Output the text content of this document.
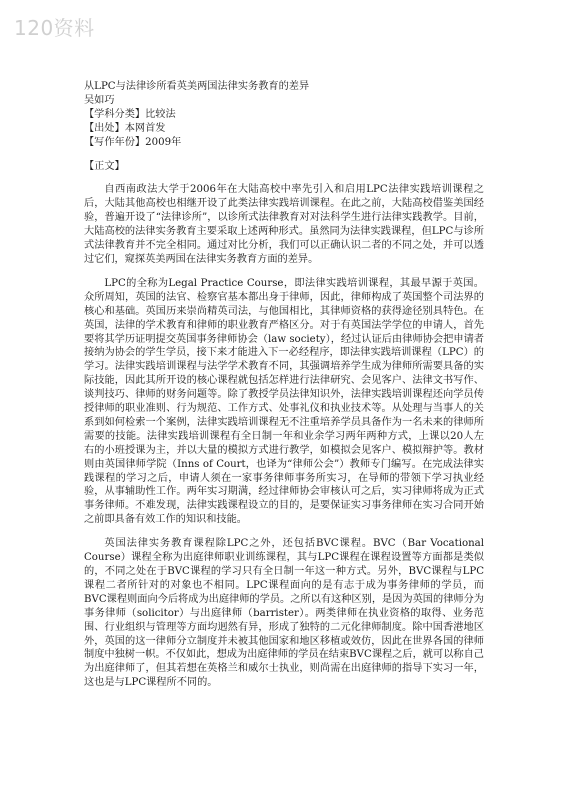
120资料
从LPC与法律诊所看英美两国法律实务教育的差异
吴如巧
【学科分类】比较法
【出处】本网首发
【写作年份】2009年
【正文】

自西南政法大学于2006年在大陆高校中率先引入和启用LPC法律实践培训课程之后，大陆其他高校也相继开设了此类法律实践培训课程。在此之前，大陆高校借鉴美国经验，普遍开设了“法律诊所”，以诊所式法律教育对对法科学生进行法律实践教学。目前，大陆高校的法律实务教育主要采取上述两种形式。虽然同为法律实践课程，但LPC与诊所式法律教育并不完全相同。通过对比分析，我们可以正确认识二者的不同之处，并可以透过它们，窥探英美两国在法律实务教育方面的差异。

LPC的全称为Legal Practice Course，即法律实践培训课程，其最早源于英国。众所周知，英国的法官、检察官基本都出身于律师，因此，律师构成了英国整个司法界的核心和基础。英国历来崇尚精英司法，与他国相比，其律师资格的获得途径别具特色。在英国，法律的学术教育和律师的职业教育严格区分。对于有英国法学学位的申请人，首先要将其学历证明提交英国事务律师协会（law society），经过认证后由律师协会把申请者接纳为协会的学生学员，接下来才能进入下一必经程序，即法律实践培训课程（LPC）的学习。法律实践培训课程与法学学术教育不同，其强调培养学生成为律师所需要具备的实际技能，因此其所开设的核心课程就包括怎样进行法律研究、会见客户、法律文书写作、谈判技巧、律师的财务问题等。除了教授学员法律知识外，法律实践培训课程还向学员传授律师的职业准则、行为规范、工作方式、处事礼仪和执业技术等。从处理与当事人的关系到如何检索一个案例，法律实践培训课程无不注重培养学员具备作为一名未来的律师所需要的技能。法律实践培训课程有全日制一年和业余学习两年两种方式，上课以20人左右的小班授课为主，并以大量的模拟方式进行教学，如模拟会见客户、模拟辩护等。教材则由英国律师学院（Inns of Court，也译为“律师公会”）教师专门编写。在完成法律实践课程的学习之后，申请人须在一家事务律师事务所实习，在导师的带领下学习执业经验，从事辅助性工作。两年实习期满，经过律师协会审核认可之后，实习律师将成为正式事务律师。不难发现，法律实践课程设立的目的，是要保证实习事务律师在实习合同开始之前即具备有效工作的知识和技能。

英国法律实务教育课程除LPC之外，还包括BVC课程。BVC（Bar Vocational Course）课程全称为出庭律师职业训练课程，其与LPC课程在课程设置等方面都是类似的，不同之处在于BVC课程的学习只有全日制一年这一种方式。另外，BVC课程与LPC课程二者所针对的对象也不相同。LPC课程面向的是有志于成为事务律师的学员，而BVC课程则面向今后将成为出庭律师的学员。之所以有这种区别，是因为英国的律师分为事务律师（solicitor）与出庭律师（barrister）。两类律师在执业资格的取得、业务范围、行业组织与管理等方面均迥然有异，形成了独特的二元化律师制度。除中国香港地区外，英国的这一律师分立制度并未被其他国家和地区移植或效仿，因此在世界各国的律师制度中独树一帜。不仅如此，想成为出庭律师的学员在结束BVC课程之后，就可以称自己为出庭律师了，但其若想在英格兰和威尔士执业，则尚需在出庭律师的指导下实习一年，这也是与LPC课程所不同的。
